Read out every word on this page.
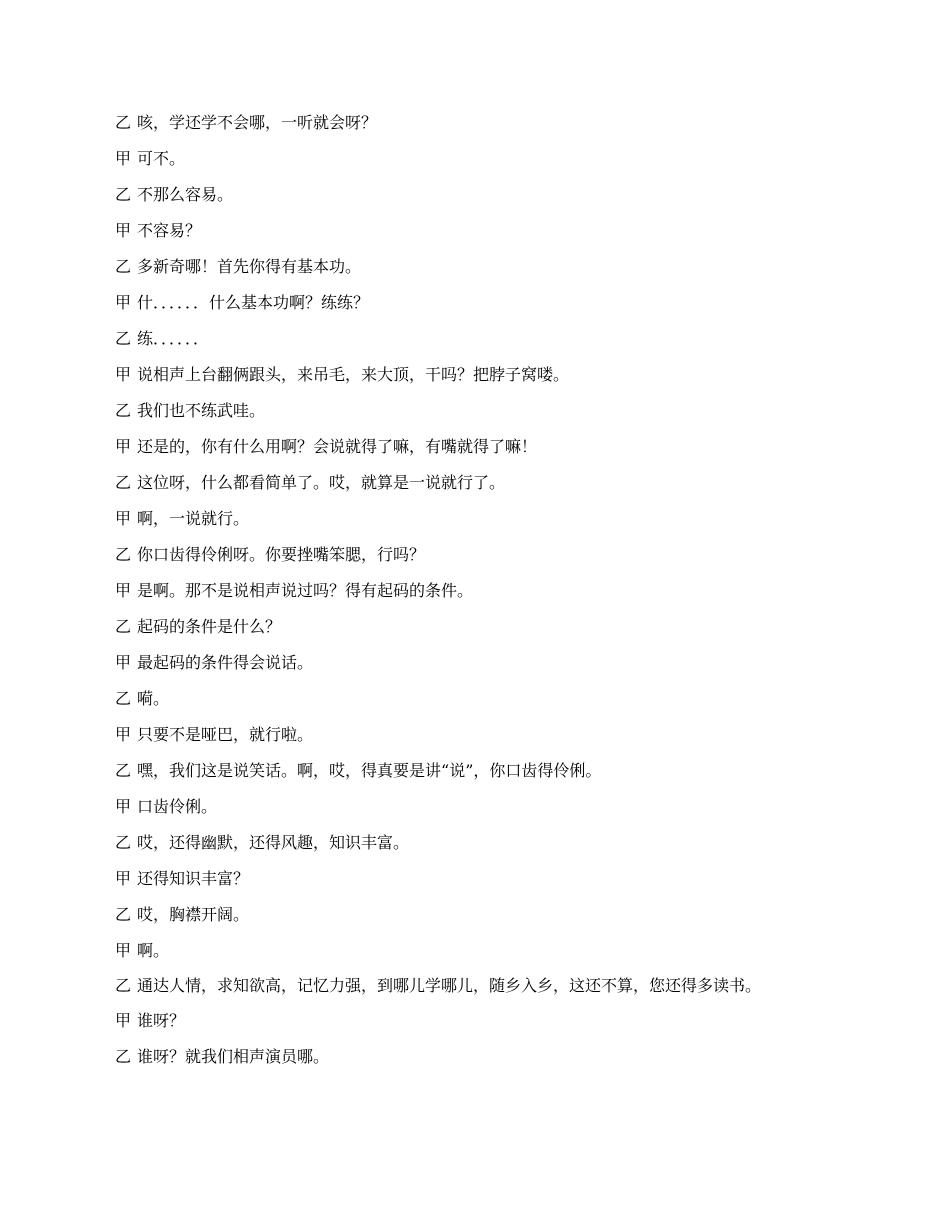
乙 咳，学还学不会哪，一听就会呀？

甲 可不。

乙 不那么容易。

甲 不容易？

乙 多新奇哪！首先你得有基本功。

甲 什．．．．．．什么基本功啊？练练？

乙 练．．．．．．

甲 说相声上台翻俩跟头，来吊毛，来大顶，干吗？把脖子窝喽。

乙 我们也不练武哇。

甲 还是的，你有什么用啊？会说就得了嘛，有嘴就得了嘛！

乙 这位呀，什么都看简单了。哎，就算是一说就行了。

甲 啊，一说就行。

乙 你口齿得伶俐呀。你要挫嘴笨腮，行吗？

甲 是啊。那不是说相声说过吗？得有起码的条件。

乙 起码的条件是什么？

甲 最起码的条件得会说话。

乙 嗬。

甲 只要不是哑巴，就行啦。

乙 嘿，我们这是说笑话。啊，哎，得真要是讲“说”，你口齿得伶俐。

甲 口齿伶俐。

乙 哎，还得幽默，还得风趣，知识丰富。

甲 还得知识丰富？

乙 哎，胸襟开阔。

甲 啊。

乙 通达人情，求知欲高，记忆力强，到哪儿学哪儿，随乡入乡，这还不算，您还得多读书。

甲 谁呀？

乙 谁呀？就我们相声演员哪。
